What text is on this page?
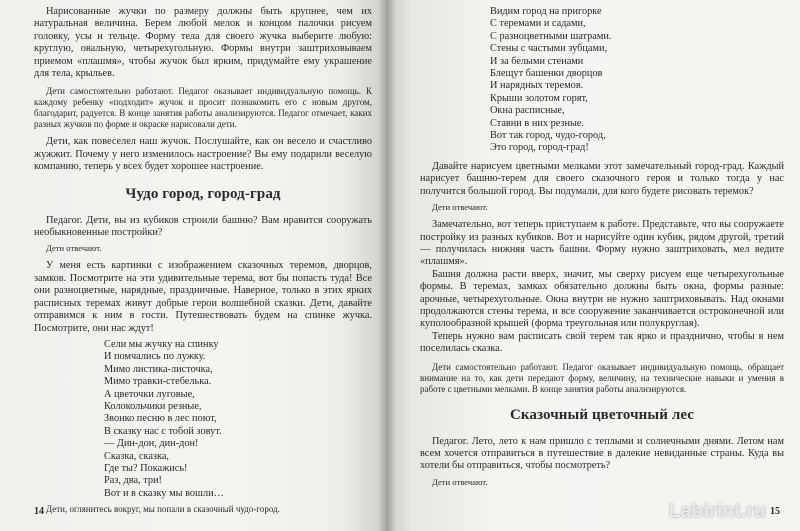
Нарисованные жучки по размеру должны быть крупнее, чем их натуральная величина. Берем любой мелок и концом палочки рисуем головку, усы и тельце. Форму тела для своего жучка выберите любую: круглую, овальную, четырехугольную. Формы внутри заштриховываем приемом «плашмя», чтобы жучок был ярким, придумайте ему украшение для тела, крыльев.

Дети самостоятельно работают. Педагог оказывает индивидуальную помощь. К каждому ребенку «подходит» жучок и просит познакомить его с новым другом, благодарит, радуется. В конце занятия работы анализируются. Педагог отмечает, каких разных жучков по форме и окраске нарисовали дети.

Дети, как повеселел наш жучок. Послушайте, как он весело и счастливо жужжит. Почему у него изменилось настроение? Вы ему подарили веселую компанию, теперь у всех будет хорошее настроение.

Чудо город, город-град

Педагог. Дети, вы из кубиков строили башню? Вам нравится сооружать необыкновенные постройки?

Дети отвечают.

У меня есть картинки с изображением сказочных теремов, дворцов, замков. Посмотрите на эти удивительные терема, вот бы попасть туда! Все они разноцветные, нарядные, праздничные. Наверное, только в этих ярких расписных теремах живут добрые герои волшебной сказки. Дети, давайте отправимся к ним в гости. Путешествовать будем на спинке жучка. Посмотрите, они нас ждут!

Сели мы жучку на спинку
И помчались по лужку.
Мимо листика-листочка,
Мимо травки-стебелька.
А цветочки луговые,
Колокольчики резные,
Звонко песню в лес поют,
В сказку нас с тобой зовут.
— Дин-дон, дин-дон!
Сказка, сказка,
Где ты? Покажись!
Раз, два, три!
Вот и в сказку мы вошли…

Дети, оглянитесь вокруг, мы попали в сказочный чудо-город.

14
Видим город на пригорке
С теремами и садами,
С разноцветными шатрами.
Стены с частыми зубцами,
И за белыми стенами
Блещут башенки дворцов
И нарядных теремов.
Крыши золотом горят,
Окна расписные,
Ставни в них резные.
Вот так город, чудо-город,
Это город, город-град!

Давайте нарисуем цветными мелками этот замечательный город-град. Каждый нарисует башню-терем для своего сказочного героя и только тогда у нас получится большой город. Вы подумали, для кого будете рисовать теремок?

Дети отвечают.

Замечательно, вот теперь приступаем к работе. Представьте, что вы сооружаете постройку из разных кубиков. Вот и нарисуйте один кубик, рядом другой, третий — получилась нижняя часть башни. Форму нужно заштриховать, мел ведите «плашмя».

Башня должна расти вверх, значит, мы сверху рисуем еще четырехугольные формы. В теремах, замках обязательно должны быть окна, формы разные: арочные, четырехугольные. Окна внутри не нужно заштриховывать. Над окнами продолжаются стены терема, и все сооружение заканчивается остроконечной или куполообразной крышей (форма треугольная или полукруглая).

Теперь нужно вам расписать свой терем так ярко и празднично, чтобы в нем поселилась сказка.

Дети самостоятельно работают. Педагог оказывает индивидуальную помощь, обращает внимание на то, как дети передают форму, величину, на технические навыки и умения в работе с цветными мелками. В конце занятия работы анализируются.

Сказочный цветочный лес

Педагог. Лето, лето к нам пришло с теплыми и солнечными днями. Летом нам всем хочется отправиться в путешествие в далекие невиданные страны. Куда вы хотели бы отправиться, чтобы посмотреть?

Дети отвечают.

15
Labirint.ru
